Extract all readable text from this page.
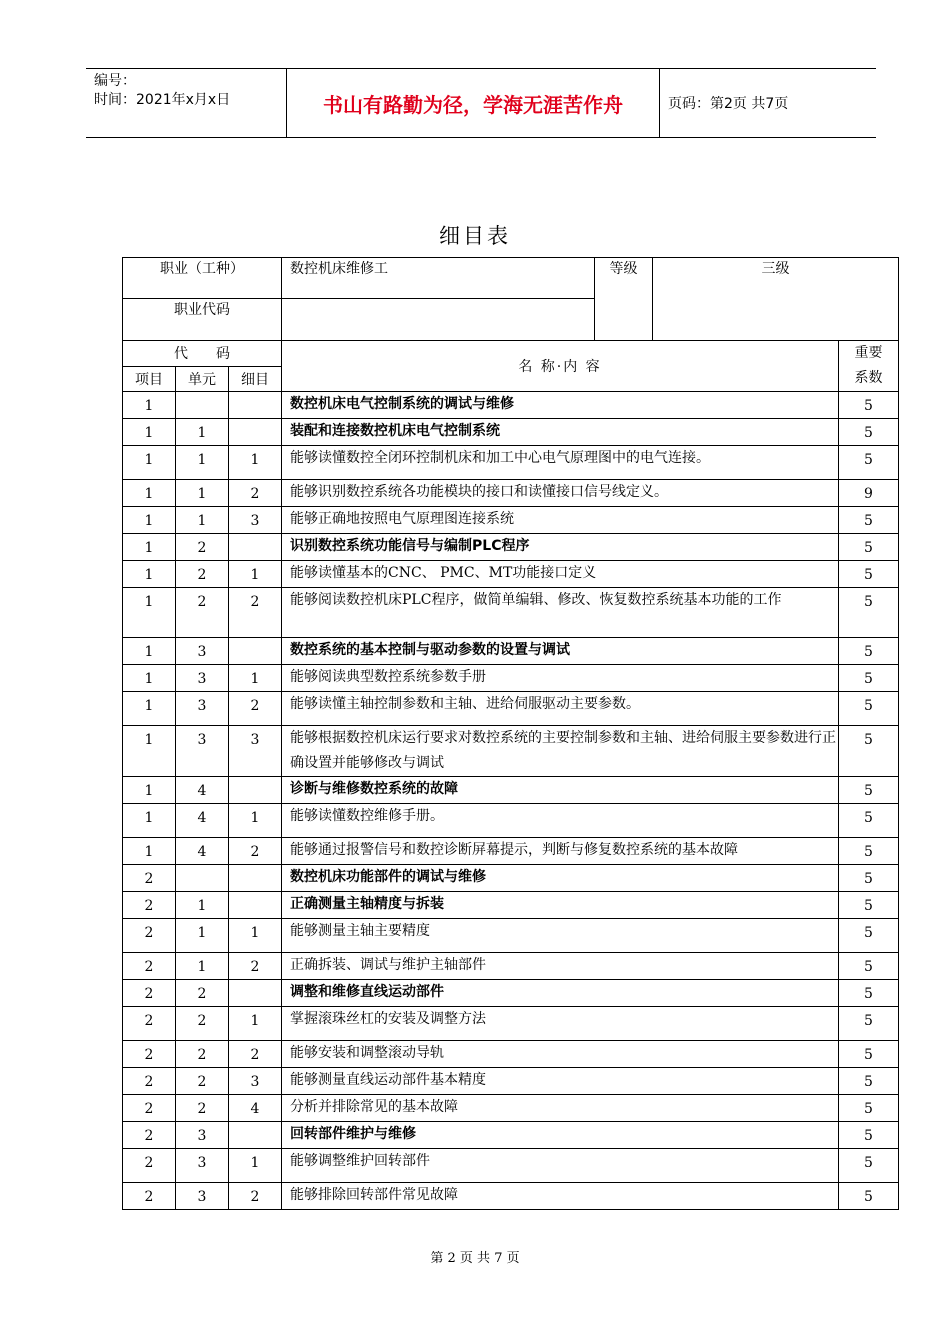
编号：
时间：2021年x月x日	书山有路勤为径，学海无涯苦作舟	页码：第2页 共7页
细目表
职业（工种）			数控机床维修工	等级	三级	
职业代码						
代　　码			名 称·内 容			重要
系数

项目	单元	细目				
1			数控机床电气控制系统的调试与维修			5
1	1		装配和连接数控机床电气控制系统			5
1	1	1	能够读懂数控全闭环控制机床和加工中心电气原理图中的电气连接。			5
1	1	2	能够识别数控系统各功能模块的接口和读懂接口信号线定义。			9
1	1	3	能够正确地按照电气原理图连接系统			5
1	2		识别数控系统功能信号与编制PLC程序			5
1	2	1	能够读懂基本的CNC、 PMC、MT功能接口定义			5
1	2	2	能够阅读数控机床PLC程序，做简单编辑、修改、恢复数控系统基本功能的工作			5
1	3		数控系统的基本控制与驱动参数的设置与调试			5
1	3	1	能够阅读典型数控系统参数手册			5
1	3	2	能够读懂主轴控制参数和主轴、进给伺服驱动主要参数。			5
1	3	3	能够根据数控机床运行要求对数控系统的主要控制参数和主轴、进给伺服主要参数进行正确设置并能够修改与调试			5
1	4		诊断与维修数控系统的故障			5
1	4	1	能够读懂数控维修手册。			5
1	4	2	能够通过报警信号和数控诊断屏幕提示，判断与修复数控系统的基本故障			5
2			数控机床功能部件的调试与维修			5
2	1		正确测量主轴精度与拆装			5
2	1	1	能够测量主轴主要精度			5
2	1	2	正确拆装、调试与维护主轴部件			5
2	2		调整和维修直线运动部件			5
2	2	1	掌握滚珠丝杠的安装及调整方法			5
2	2	2	能够安装和调整滚动导轨			5
2	2	3	能够测量直线运动部件基本精度			5
2	2	4	分析并排除常见的基本故障			5
2	3		回转部件维护与维修			5
2	3	1	能够调整维护回转部件			5
2	3	2	能够排除回转部件常见故障			5
第 2 页 共 7 页
